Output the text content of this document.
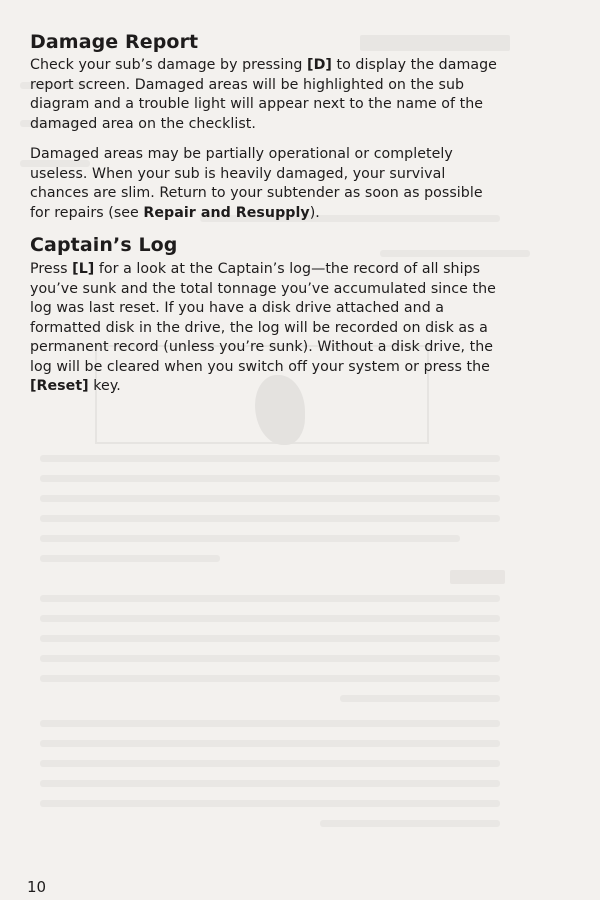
Damage Report

Check your sub’s damage by pressing [D] to display the damage report screen. Damaged areas will be highlighted on the sub diagram and a trouble light will appear next to the name of the damaged area on the checklist.

Damaged areas may be partially operational or completely useless. When your sub is heavily damaged, your survival chances are slim. Return to your subtender as soon as possible for repairs (see Repair and Resupply).

Captain’s Log

Press [L] for a look at the Captain’s log—the record of all ships you’ve sunk and the total tonnage you’ve accumulated since the log was last reset. If you have a disk drive attached and a formatted disk in the drive, the log will be recorded on disk as a permanent record (unless you’re sunk). Without a disk drive, the log will be cleared when you switch off your system or press the [Reset] key.

10
